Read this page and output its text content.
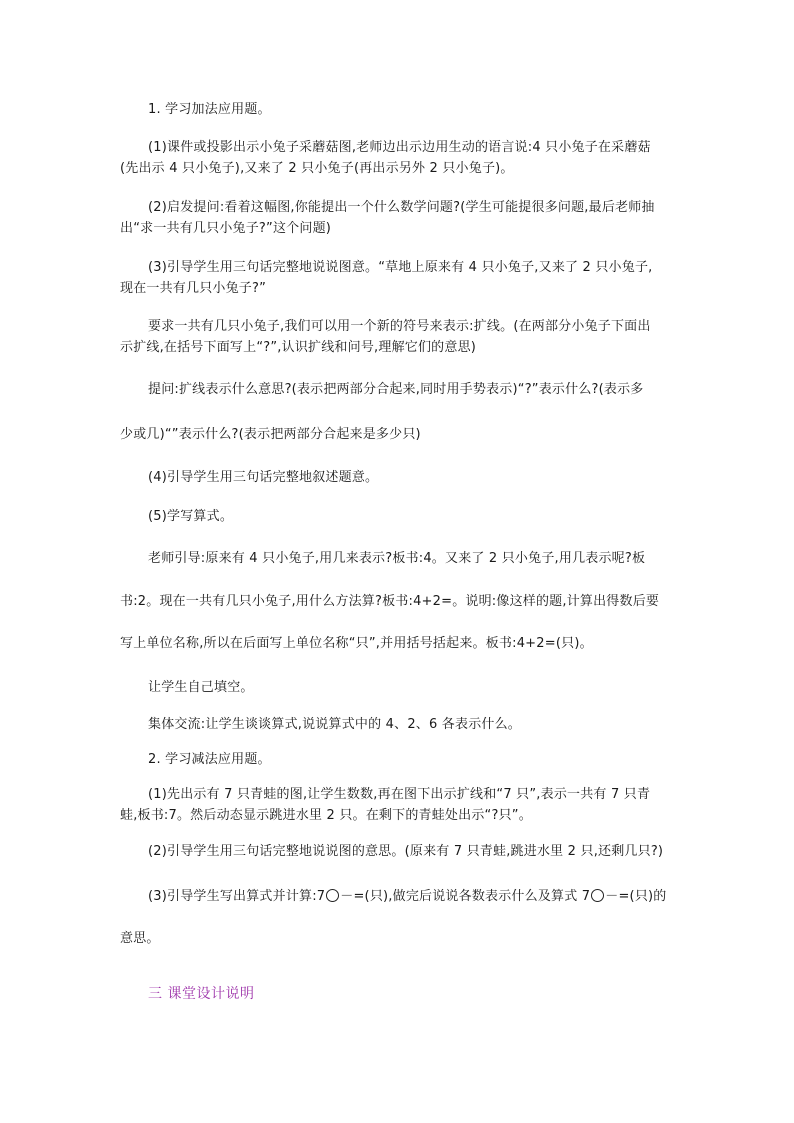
1. 学习加法应用题。
(1)课件或投影出示小兔子采蘑菇图,老师边出示边用生动的语言说:4 只小兔子在采蘑菇
(先出示 4 只小兔子),又来了 2 只小兔子(再出示另外 2 只小兔子)。
(2)启发提问:看着这幅图,你能提出一个什么数学问题?(学生可能提很多问题,最后老师抽
出“求一共有几只小兔子?”这个问题)
(3)引导学生用三句话完整地说说图意。“草地上原来有 4 只小兔子,又来了 2 只小兔子,
现在一共有几只小兔子?”
要求一共有几只小兔子,我们可以用一个新的符号来表示:扩线。(在两部分小兔子下面出
示扩线,在括号下面写上“?”,认识扩线和问号,理解它们的意思)
提问:扩线表示什么意思?(表示把两部分合起来,同时用手势表示)“?”表示什么?(表示多
少或几)“”表示什么?(表示把两部分合起来是多少只)
(4)引导学生用三句话完整地叙述题意。
(5)学写算式。
老师引导:原来有 4 只小兔子,用几来表示?板书:4。又来了 2 只小兔子,用几表示呢?板
书:2。现在一共有几只小兔子,用什么方法算?板书:4+2=。说明:像这样的题,计算出得数后要
写上单位名称,所以在后面写上单位名称“只”,并用括号括起来。板书:4+2=(只)。
让学生自己填空。
集体交流:让学生谈谈算式,说说算式中的 4、2、6 各表示什么。
2. 学习减法应用题。
(1)先出示有 7 只青蛙的图,让学生数数,再在图下出示扩线和“7 只”,表示一共有 7 只青
蛙,板书:7。然后动态显示跳进水里 2 只。在剩下的青蛙处出示“?只”。
(2)引导学生用三句话完整地说说图的意思。(原来有 7 只青蛙,跳进水里 2 只,还剩几只?)
(3)引导学生写出算式并计算:7 －=(只),做完后说说各数表示什么及算式 7 －=(只)的
意思。
三 课堂设计说明
